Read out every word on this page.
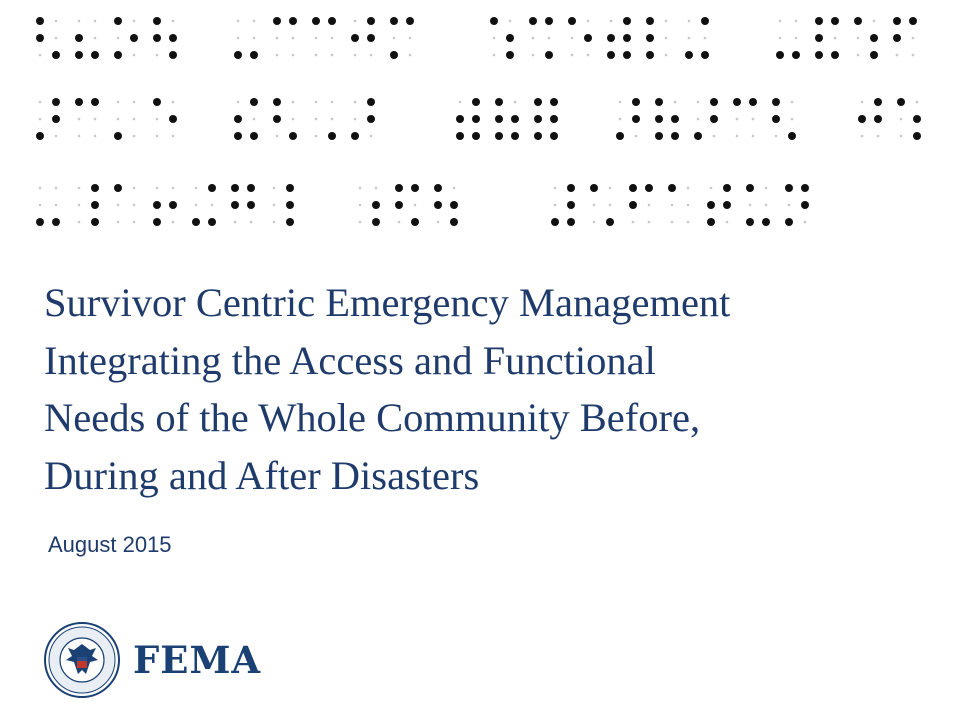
Survivor Centric Emergency Management
Integrating the Access and Functional
Needs of the Whole Community Before,
During and After Disasters
August 2015
FEMA
